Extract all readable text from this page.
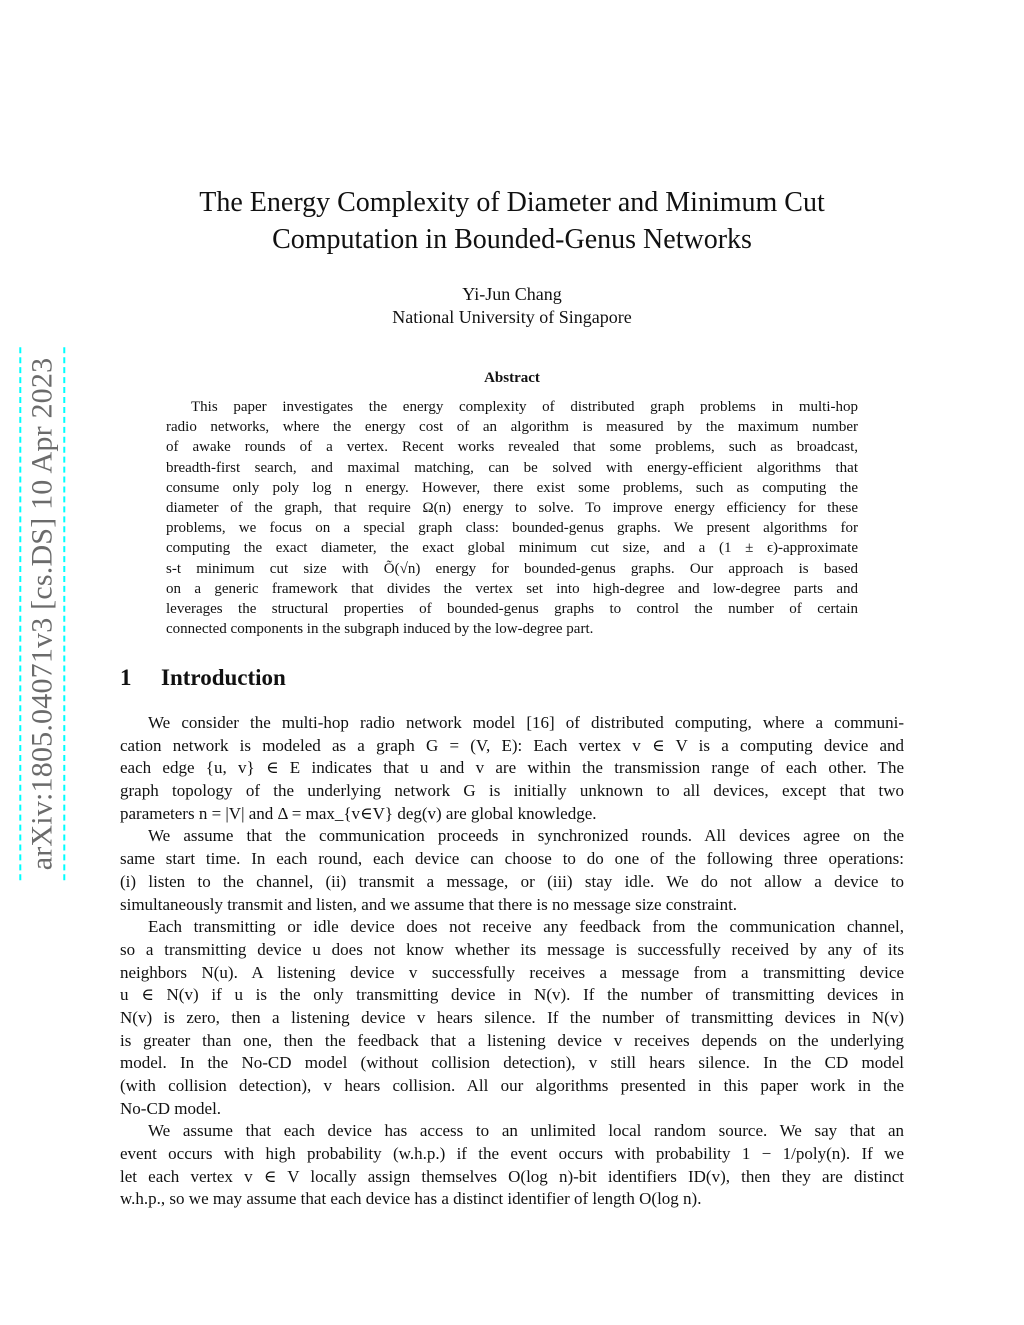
arXiv:1805.04071v3 [cs.DS] 10 Apr 2023
The Energy Complexity of Diameter and Minimum Cut
Computation in Bounded-Genus Networks
Yi-Jun Chang
National University of Singapore
Abstract
This paper investigates the energy complexity of distributed graph problems in multi-hop
radio networks, where the energy cost of an algorithm is measured by the maximum number
of awake rounds of a vertex. Recent works revealed that some problems, such as broadcast,
breadth-first search, and maximal matching, can be solved with energy-efficient algorithms that
consume only poly log n energy. However, there exist some problems, such as computing the
diameter of the graph, that require Ω(n) energy to solve. To improve energy efficiency for these
problems, we focus on a special graph class: bounded-genus graphs. We present algorithms for
computing the exact diameter, the exact global minimum cut size, and a (1 ± ϵ)-approximate
s-t minimum cut size with Õ(√n) energy for bounded-genus graphs. Our approach is based
on a generic framework that divides the vertex set into high-degree and low-degree parts and
leverages the structural properties of bounded-genus graphs to control the number of certain
connected components in the subgraph induced by the low-degree part.
1 Introduction
We consider the multi-hop radio network model [16] of distributed computing, where a communi-
cation network is modeled as a graph G = (V, E): Each vertex v ∈ V is a computing device and
each edge {u, v} ∈ E indicates that u and v are within the transmission range of each other. The
graph topology of the underlying network G is initially unknown to all devices, except that two
parameters n = |V| and Δ = max_{v∈V} deg(v) are global knowledge.
We assume that the communication proceeds in synchronized rounds. All devices agree on the
same start time. In each round, each device can choose to do one of the following three operations:
(i) listen to the channel, (ii) transmit a message, or (iii) stay idle. We do not allow a device to
simultaneously transmit and listen, and we assume that there is no message size constraint.
Each transmitting or idle device does not receive any feedback from the communication channel,
so a transmitting device u does not know whether its message is successfully received by any of its
neighbors N(u). A listening device v successfully receives a message from a transmitting device
u ∈ N(v) if u is the only transmitting device in N(v). If the number of transmitting devices in
N(v) is zero, then a listening device v hears silence. If the number of transmitting devices in N(v)
is greater than one, then the feedback that a listening device v receives depends on the underlying
model. In the No-CD model (without collision detection), v still hears silence. In the CD model
(with collision detection), v hears collision. All our algorithms presented in this paper work in the
No-CD model.
We assume that each device has access to an unlimited local random source. We say that an
event occurs with high probability (w.h.p.) if the event occurs with probability 1 − 1/poly(n). If we
let each vertex v ∈ V locally assign themselves O(log n)-bit identifiers ID(v), then they are distinct
w.h.p., so we may assume that each device has a distinct identifier of length O(log n).
